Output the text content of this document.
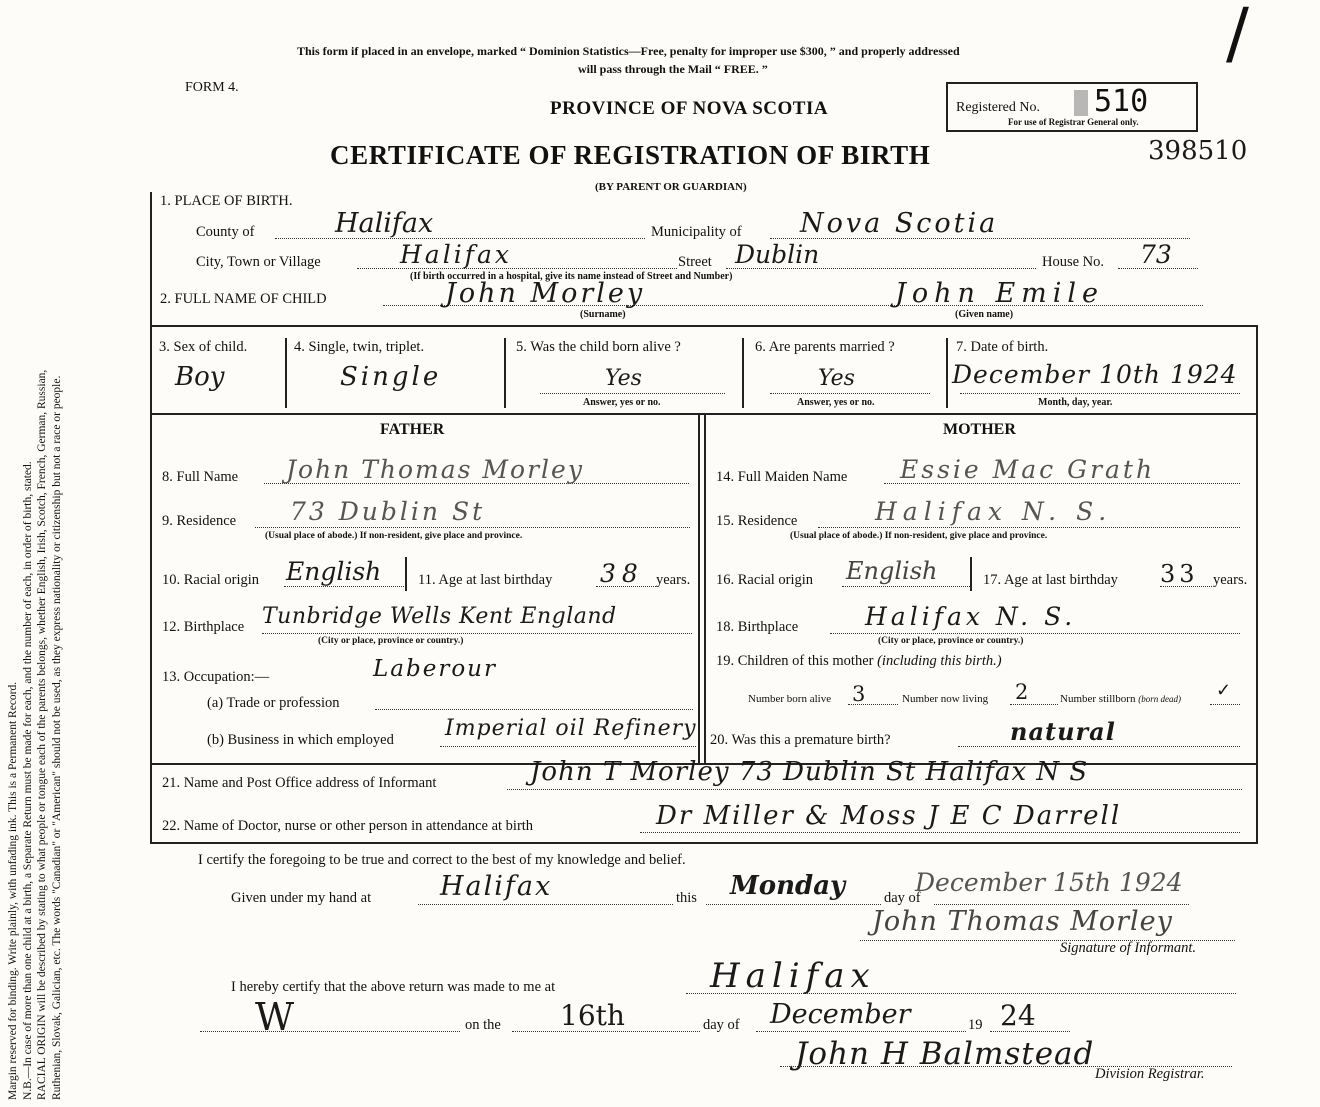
Margin reserved for binding. Write plainly, with unfading ink. This is a Permanent Record. N.B.—In case of more than one child at a birth, a Separate Return must be made for each, and the number of each, in order of birth, stated. RACIAL ORIGIN will be described by stating to what people or tongue each of the parents belongs, whether English, Irish, Scotch, French, German, Russian, Ruthenian, Slovak, Galician, etc. The words "Canadian" or "American" should not be used, as they express nationality or citizenship but not a race or people.
This form if placed in an envelope, marked “ Dominion Statistics—Free, penalty for improper use $300, ” and properly addressed
will pass through the Mail “ FREE. ”
FORM 4.
PROVINCE OF NOVA SCOTIA	Registered No. 510
For use of Registrar General only.
/
CERTIFICATE OF REGISTRATION OF BIRTH	398510
(BY PARENT OR GUARDIAN)
1. PLACE OF BIRTH.
County of	Halifax	Municipality of Nova Scotia
City, Town or Village	Halifax	Street Dublin	House No. 73
(If birth occurred in a hospital, give its name instead of Street and Number)
2. FULL NAME OF CHILD	John Morley
(Surname)
John Emile
(Given name)
3. Sex of child.
Boy
4. Single, twin, triplet.
Single
5. Was the child born alive ?
Yes
Answer, yes or no.
6. Are parents married ?
Yes
Answer, yes or no.
7. Date of birth.
December 10th 1924
Month, day, year.
FATHER	MOTHER
8. Full Name John Thomas Morley
9. Residence 73 Dublin St
(Usual place of abode.) If non-resident, give place and province.
10. Racial origin English	11. Age at last birthday 38 years.
12. Birthplace Tunbridge Wells Kent England
(City or place, province or country.)
13. Occupation:—	Laberour
(a) Trade or profession
(b) Business in which employed Imperial oil Refinery
14. Full Maiden Name Essie Mac Grath
15. Residence	Halifax N. S.
(Usual place of abode.) If non-resident, give place and province.
16. Racial origin English	17. Age at last birthday 33 years.
18. Birthplace	Halifax N. S.
(City or place, province or country.)
19. Children of this mother (including this birth.)
Number born alive 3	Number now living 2	Number stillborn (born dead) ✓
20. Was this a premature birth?	natural
21. Name and Post Office address of Informant	John T Morley 73 Dublin St Halifax N S
22. Name of Doctor, nurse or other person in attendance at birth	Dr Miller & Moss J E C Darrell
I certify the foregoing to be true and correct to the best of my knowledge and belief.
Given under my hand at	Halifax	this Monday	day of
December 15th 1924
John Thomas Morley
Signature of Informant.
I hereby certify that the above return was made to me at	Halifax
W	on the 16th	day of December	19 24
John H Balmstead
Division Registrar.
